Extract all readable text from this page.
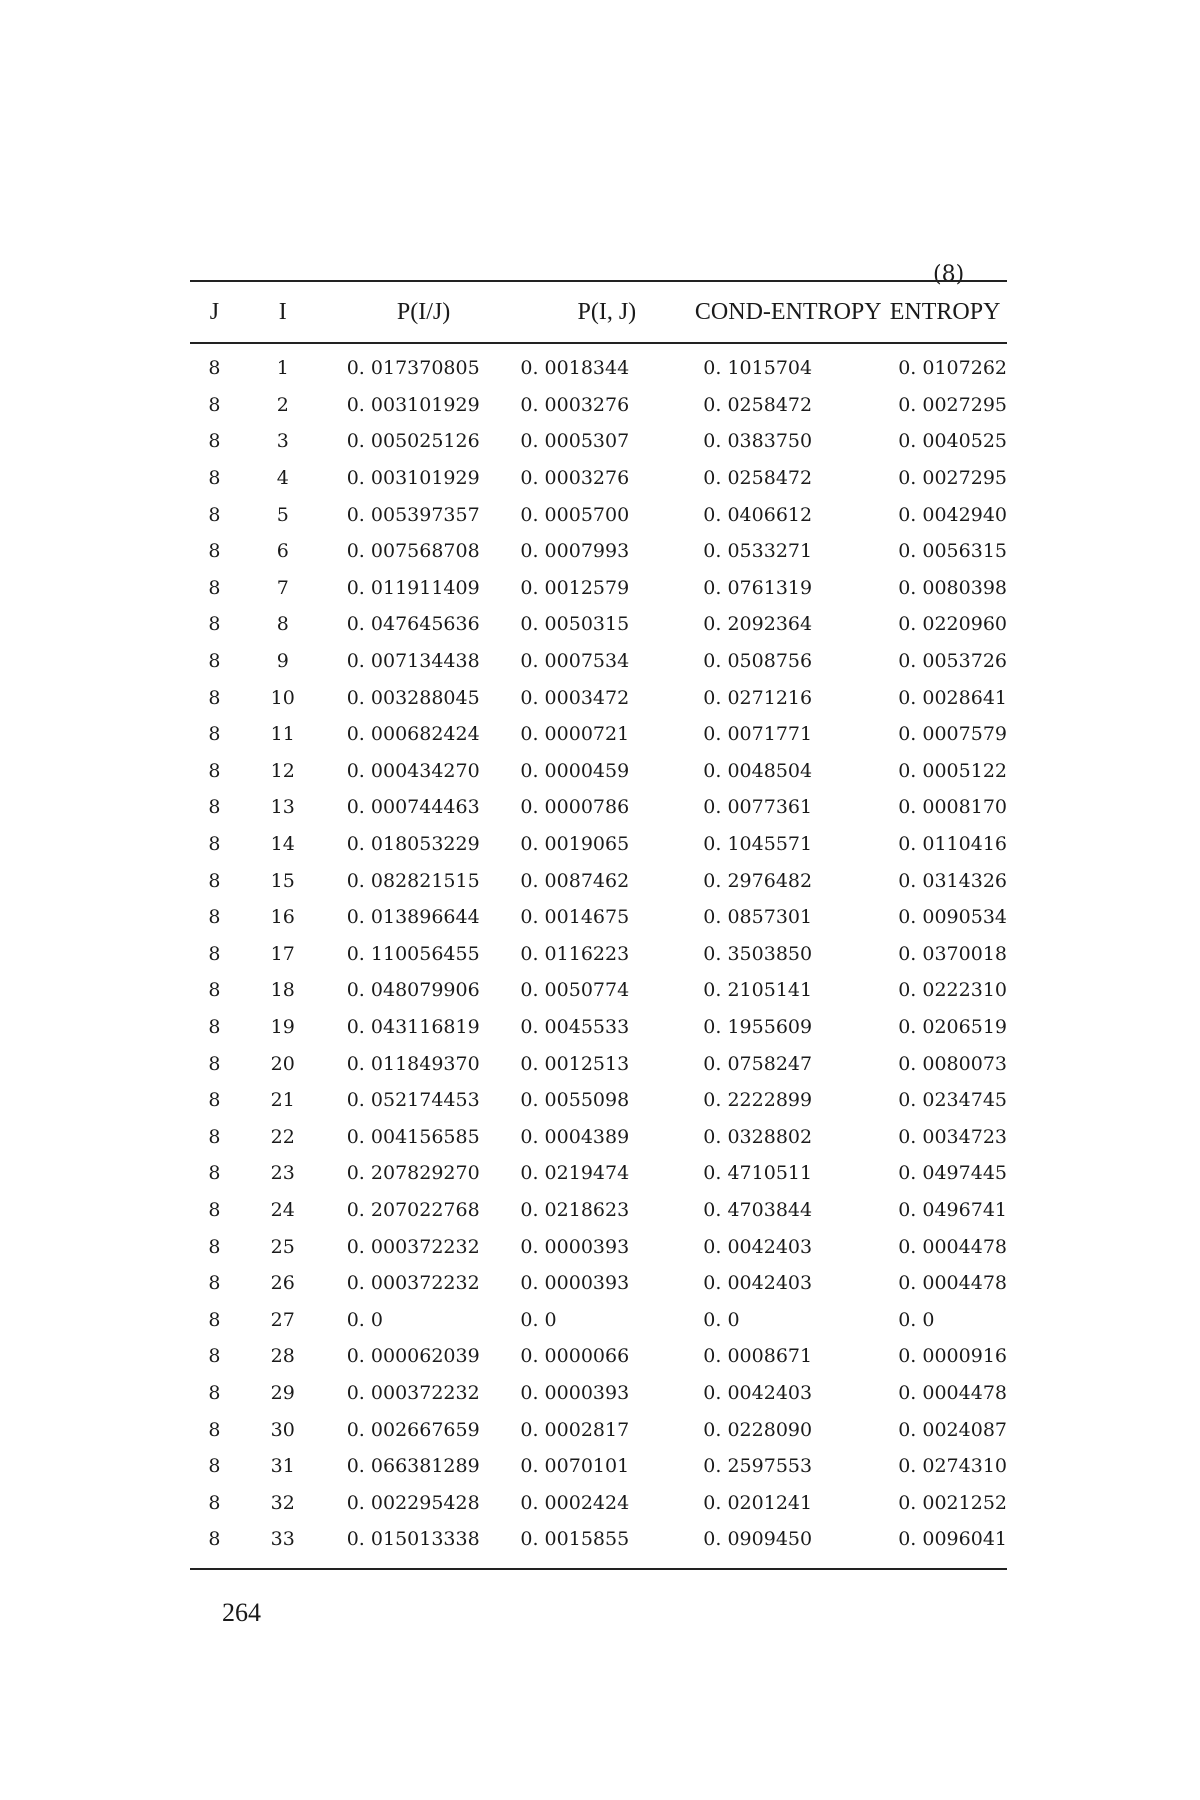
(8)
J	I	P(I/J)	P(I, J)	COND-ENTROPY	ENTROPY
8	1	0. 017370805	0. 0018344	0. 1015704	0. 0107262
8	2	0. 003101929	0. 0003276	0. 0258472	0. 0027295
8	3	0. 005025126	0. 0005307	0. 0383750	0. 0040525
8	4	0. 003101929	0. 0003276	0. 0258472	0. 0027295
8	5	0. 005397357	0. 0005700	0. 0406612	0. 0042940
8	6	0. 007568708	0. 0007993	0. 0533271	0. 0056315
8	7	0. 011911409	0. 0012579	0. 0761319	0. 0080398
8	8	0. 047645636	0. 0050315	0. 2092364	0. 0220960
8	9	0. 007134438	0. 0007534	0. 0508756	0. 0053726
8	10	0. 003288045	0. 0003472	0. 0271216	0. 0028641
8	11	0. 000682424	0. 0000721	0. 0071771	0. 0007579
8	12	0. 000434270	0. 0000459	0. 0048504	0. 0005122
8	13	0. 000744463	0. 0000786	0. 0077361	0. 0008170
8	14	0. 018053229	0. 0019065	0. 1045571	0. 0110416
8	15	0. 082821515	0. 0087462	0. 2976482	0. 0314326
8	16	0. 013896644	0. 0014675	0. 0857301	0. 0090534
8	17	0. 110056455	0. 0116223	0. 3503850	0. 0370018
8	18	0. 048079906	0. 0050774	0. 2105141	0. 0222310
8	19	0. 043116819	0. 0045533	0. 1955609	0. 0206519
8	20	0. 011849370	0. 0012513	0. 0758247	0. 0080073
8	21	0. 052174453	0. 0055098	0. 2222899	0. 0234745
8	22	0. 004156585	0. 0004389	0. 0328802	0. 0034723
8	23	0. 207829270	0. 0219474	0. 4710511	0. 0497445
8	24	0. 207022768	0. 0218623	0. 4703844	0. 0496741
8	25	0. 000372232	0. 0000393	0. 0042403	0. 0004478
8	26	0. 000372232	0. 0000393	0. 0042403	0. 0004478
8	27	0. 0	0. 0	0. 0	0. 0
8	28	0. 000062039	0. 0000066	0. 0008671	0. 0000916
8	29	0. 000372232	0. 0000393	0. 0042403	0. 0004478
8	30	0. 002667659	0. 0002817	0. 0228090	0. 0024087
8	31	0. 066381289	0. 0070101	0. 2597553	0. 0274310
8	32	0. 002295428	0. 0002424	0. 0201241	0. 0021252
8	33	0. 015013338	0. 0015855	0. 0909450	0. 0096041
264
